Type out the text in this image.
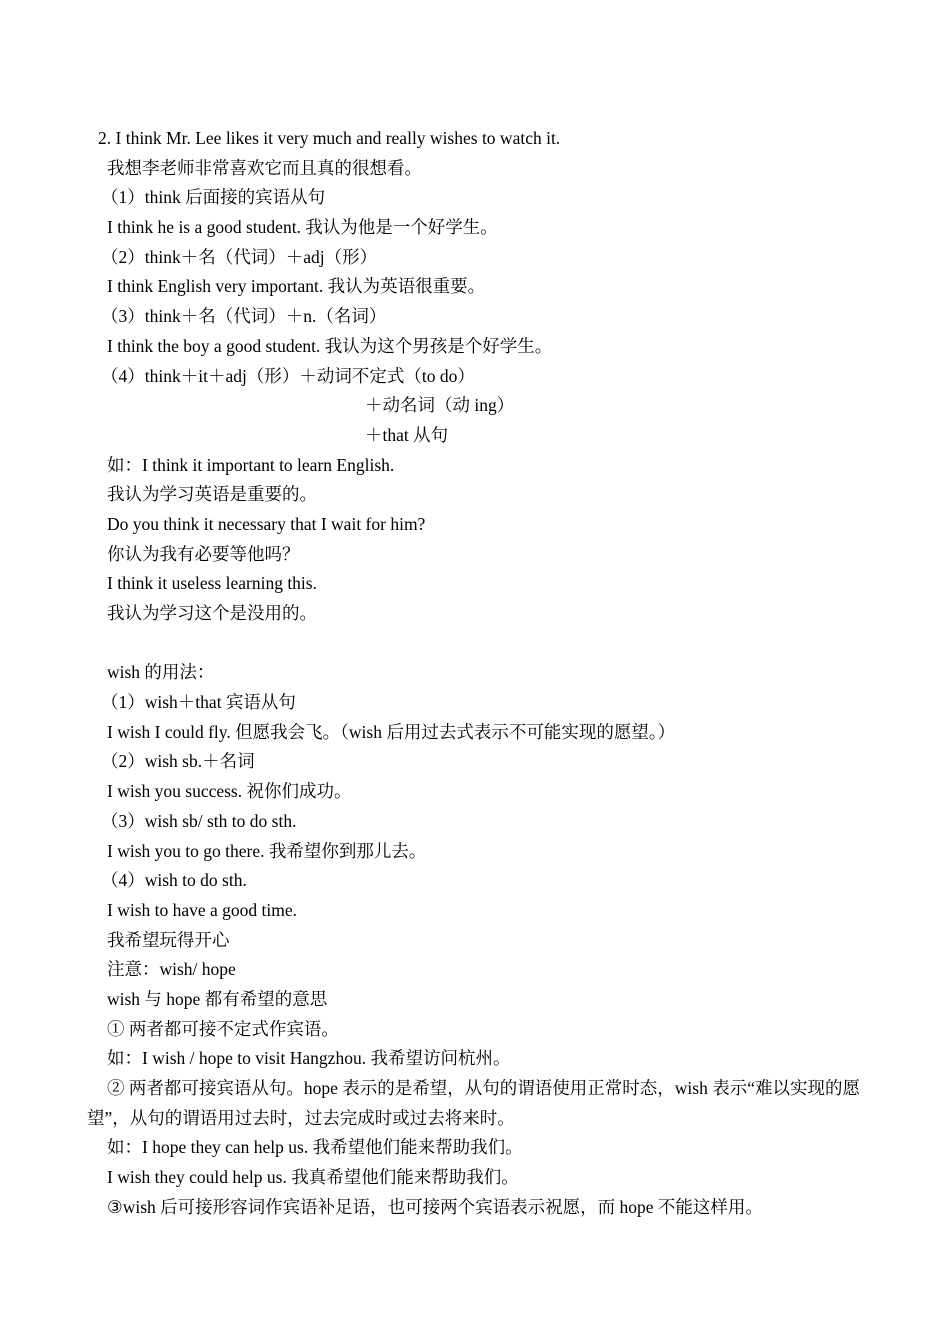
2. I think Mr. Lee likes it very much and really wishes to watch it.

我想李老师非常喜欢它而且真的很想看。

（1）think 后面接的宾语从句

I think he is a good student. 我认为他是一个好学生。

（2）think＋名（代词）＋adj（形）

I think English very important. 我认为英语很重要。

（3）think＋名（代词）＋n.（名词）

I think the boy a good student. 我认为这个男孩是个好学生。

（4）think＋it＋adj（形）＋动词不定式（to do）

＋动名词（动 ing）

＋that 从句

如：I think it important to learn English.

我认为学习英语是重要的。

Do you think it necessary that I wait for him?

你认为我有必要等他吗？

I think it useless learning this.

我认为学习这个是没用的。

wish 的用法：

（1）wish＋that 宾语从句

I wish I could fly. 但愿我会飞。（wish 后用过去式表示不可能实现的愿望。）

（2）wish sb.＋名词

I wish you success. 祝你们成功。

（3）wish sb/ sth to do sth.

I wish you to go there. 我希望你到那儿去。

（4）wish to do sth.

I wish to have a good time.

我希望玩得开心

注意：wish/ hope

wish 与 hope 都有希望的意思

① 两者都可接不定式作宾语。

如：I wish / hope to visit Hangzhou. 我希望访问杭州。

② 两者都可接宾语从句。hope 表示的是希望，从句的谓语使用正常时态，wish 表示“难以实现的愿望”，从句的谓语用过去时，过去完成时或过去将来时。

如：I hope they can help us. 我希望他们能来帮助我们。

I wish they could help us. 我真希望他们能来帮助我们。

③wish 后可接形容词作宾语补足语，也可接两个宾语表示祝愿，而 hope 不能这样用。
